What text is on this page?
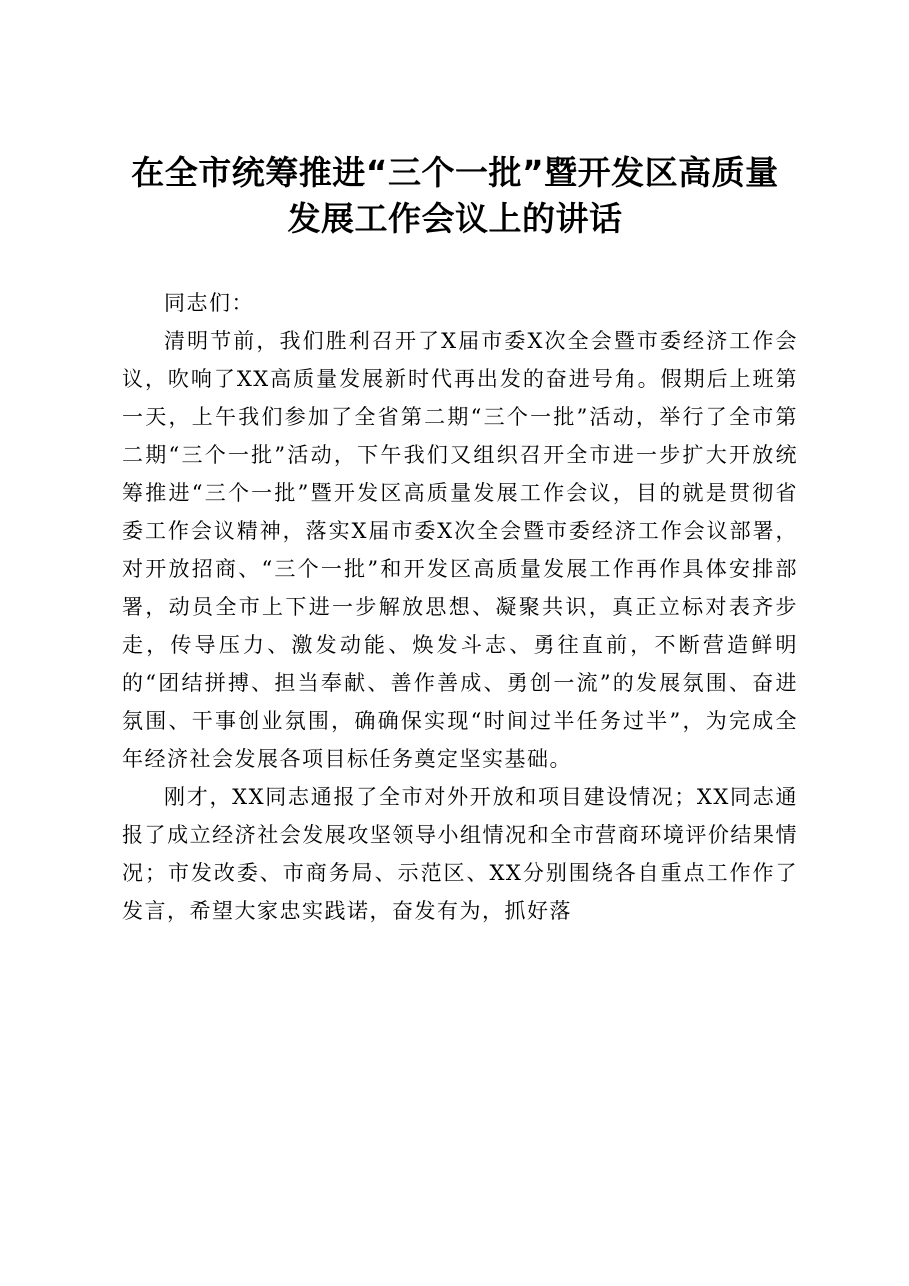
在全市统筹推进“三个一批”暨开发区高质量
发展工作会议上的讲话

同志们：

清明节前，我们胜利召开了X届市委X次全会暨市委经济工作会议，吹响了XX高质量发展新时代再出发的奋进号角。假期后上班第一天，上午我们参加了全省第二期“三个一批”活动，举行了全市第二期“三个一批”活动，下午我们又组织召开全市进一步扩大开放统筹推进“三个一批”暨开发区高质量发展工作会议，目的就是贯彻省委工作会议精神，落实X届市委X次全会暨市委经济工作会议部署，对开放招商、“三个一批”和开发区高质量发展工作再作具体安排部署，动员全市上下进一步解放思想、凝聚共识，真正立标对表齐步走，传导压力、激发动能、焕发斗志、勇往直前，不断营造鲜明的“团结拼搏、担当奉献、善作善成、勇创一流”的发展氛围、奋进氛围、干事创业氛围，确确保实现“时间过半任务过半”，为完成全年经济社会发展各项目标任务奠定坚实基础。

刚才，XX同志通报了全市对外开放和项目建设情况；XX同志通报了成立经济社会发展攻坚领导小组情况和全市营商环境评价结果情况；市发改委、市商务局、示范区、XX分别围绕各自重点工作作了发言，希望大家忠实践诺，奋发有为，抓好落
